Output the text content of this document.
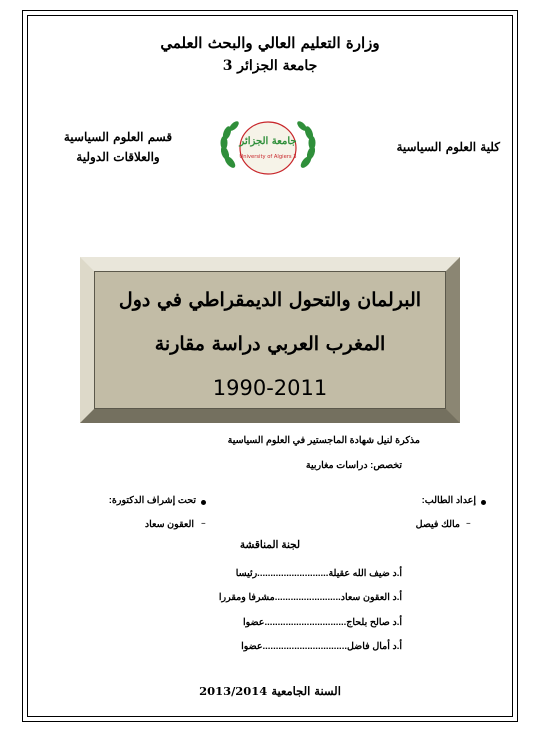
وزارة التعليم العالي والبحث العلمي
جامعة الجزائر 3
كلية العلوم السياسية
قسم العلوم السياسية
والعلاقات الدولية
جامعة الجزائر
University of Algiers 3
البرلمان والتحول الديمقراطي في دول
المغرب العربي دراسة مقارنة
1990-2011
مذكرة لنيل شهادة الماجستير في العلوم السياسية
تخصص: دراسات مغاربية
إعداد الطالب:
–
مالك فيصل
تحت إشراف الدكتورة:
–
العقون سعاد
لجنة المناقشة
أ.د ضيف الله عقيلة...........................رئيسا
أ.د العقون سعاد.........................مشرفا ومقررا
أ.د صالح بلحاج...............................عضوا
أ.د أمال فاضل................................عضوا
السنة الجامعية 2013/2014
